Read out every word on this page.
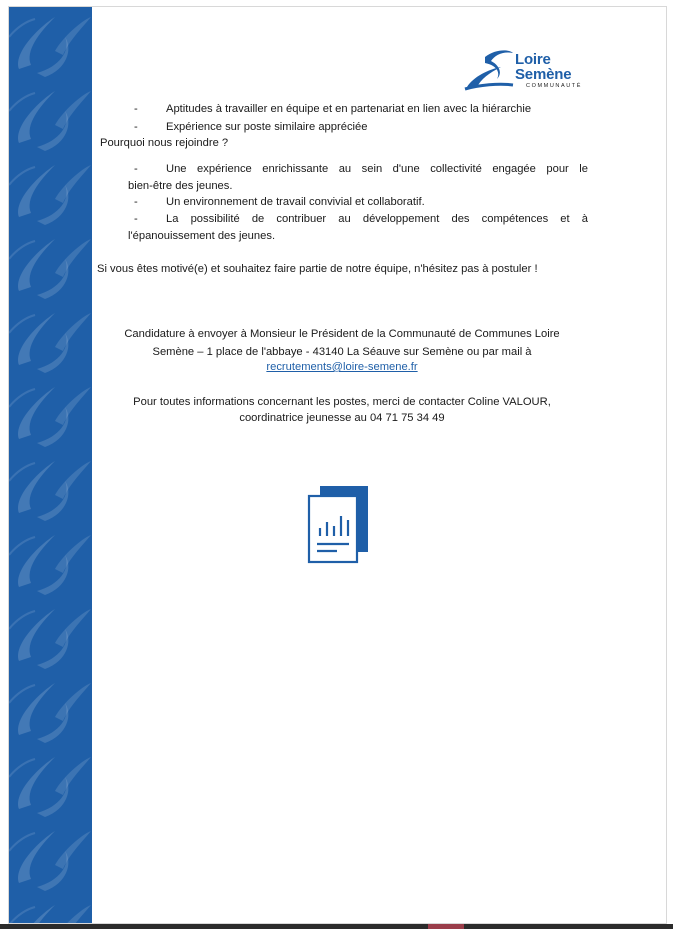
Loire
Semène
COMMUNAUTÉ
-	Aptitudes à travailler en équipe et en partenariat en lien avec la hiérarchie
-	Expérience sur poste similaire appréciée
Pourquoi nous rejoindre ?
-	Une expérience enrichissante au sein d'une collectivité engagée pour le
bien-être des jeunes.
-	Un environnement de travail convivial et collaboratif.
-	La possibilité de contribuer au développement des compétences et à
l'épanouissement des jeunes.
Si vous êtes motivé(e) et souhaitez faire partie de notre équipe, n'hésitez pas à postuler !
Candidature à envoyer à Monsieur le Président de la Communauté de Communes Loire
Semène – 1 place de l'abbaye - 43140 La Séauve sur Semène ou par mail à
recrutements@loire-semene.fr
Pour toutes informations concernant les postes, merci de contacter Coline VALOUR,
coordinatrice jeunesse au 04 71 75 34 49
